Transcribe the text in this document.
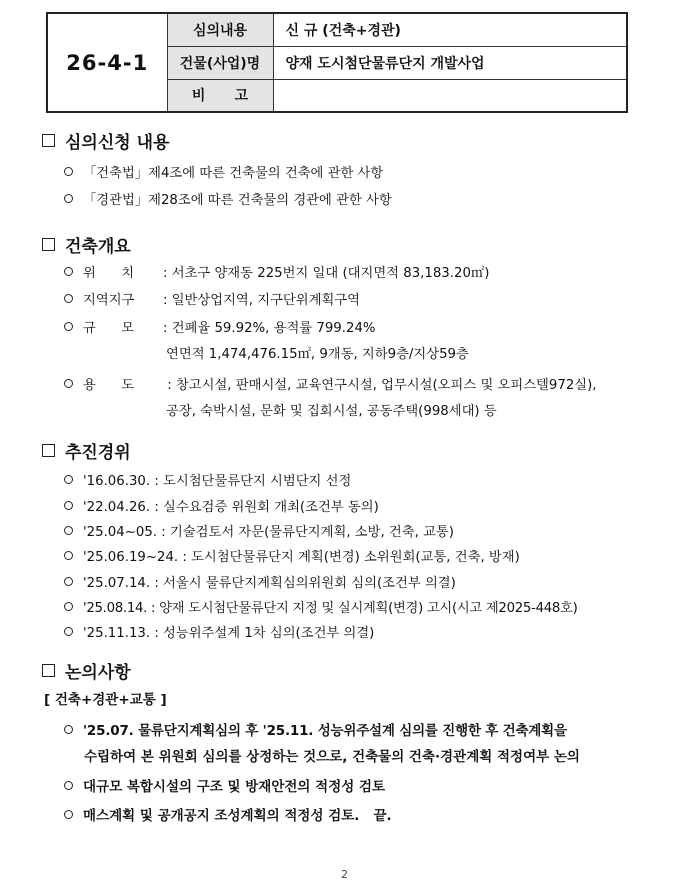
26-4-1	심의내용	신 규 (건축+경관)
	건물(사업)명	양재 도시첨단물류단지 개발사업
	비      고	
심의신청 내용
「건축법」제4조에 따른 건축물의 건축에 관한 사항
「경관법」제28조에 따른 건축물의 경관에 관한 사항
건축개요
위      치	: 서초구 양재동 225번지 일대 (대지면적 83,183.20㎡)
지역지구	: 일반상업지역, 지구단위계획구역
규      모	: 건폐율 59.92%, 용적률 799.24%
연면적 1,474,476.15㎡, 9개동, 지하9층/지상59층
용      도	: 창고시설, 판매시설, 교육연구시설, 업무시설(오피스 및 오피스텔972실),
공장, 숙박시설, 문화 및 집회시설, 공동주택(998세대) 등
추진경위
'16.06.30. : 도시첨단물류단지 시범단지 선정
'22.04.26. : 실수요검증 위원회 개최(조건부 동의)
'25.04~05. : 기술검토서 자문(물류단지계획, 소방, 건축, 교통)
'25.06.19~24. : 도시첨단물류단지 계획(변경) 소위원회(교통, 건축, 방재)
'25.07.14. : 서울시 물류단지계획심의위원회 심의(조건부 의결)
'25.08.14. : 양재 도시첨단물류단지 지정 및 실시계획(변경) 고시(시고 제2025-448호)
'25.11.13. : 성능위주설계 1차 심의(조건부 의결)
논의사항
[ 건축+경관+교통 ]
'25.07. 물류단지계획심의 후 '25.11. 성능위주설계 심의를 진행한 후 건축계획을
수립하여 본 위원회 심의를 상정하는 것으로, 건축물의 건축·경관계획 적정여부 논의
대규모 복합시설의 구조 및 방재안전의 적정성 검토
매스계획 및 공개공지 조성계획의 적정성 검토.   끝.
2
